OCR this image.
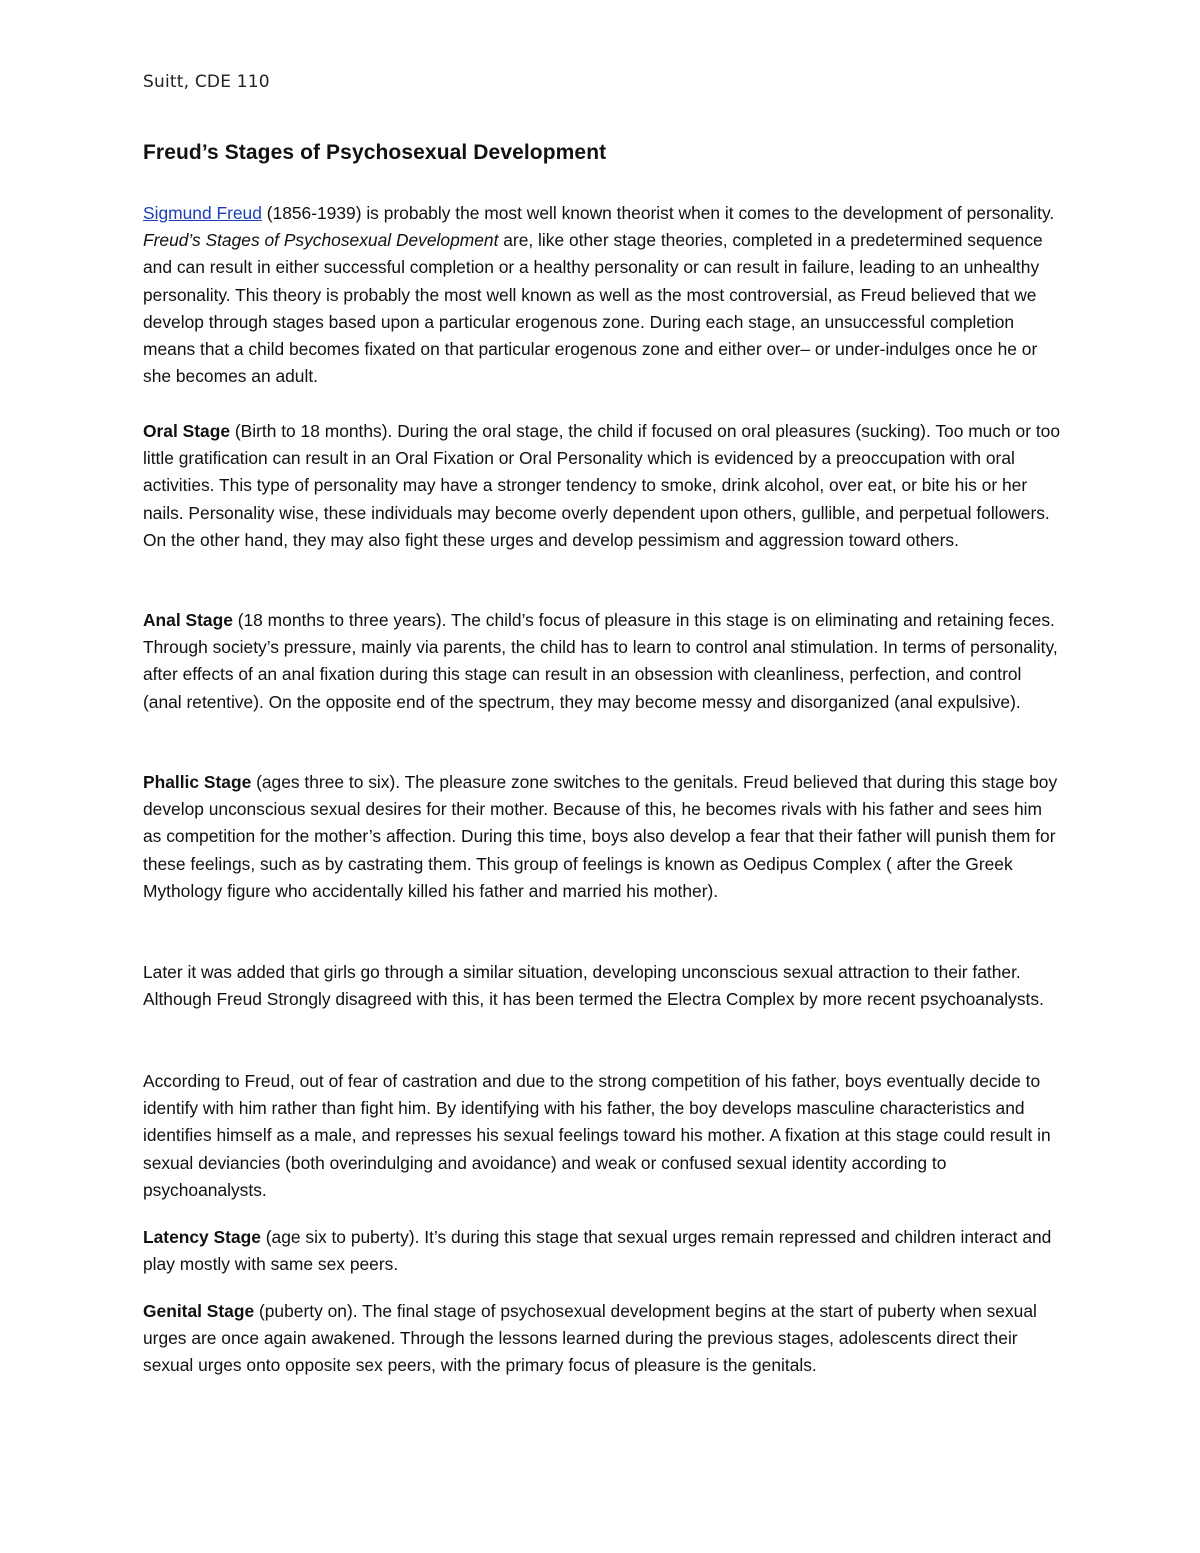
Suitt, CDE 110
Freud’s Stages of Psychosexual Development

Sigmund Freud (1856-1939) is probably the most well known theorist when it comes to the development of personality. Freud’s Stages of Psychosexual Development are, like other stage theories, completed in a predetermined sequence and can result in either successful completion or a healthy personality or can result in failure, leading to an unhealthy personality. This theory is probably the most well known as well as the most controversial, as Freud believed that we develop through stages based upon a particular erogenous zone. During each stage, an unsuccessful completion means that a child becomes fixated on that particular erogenous zone and either over– or under-indulges once he or she becomes an adult.

Oral Stage (Birth to 18 months). During the oral stage, the child if focused on oral pleasures (sucking). Too much or too little gratification can result in an Oral Fixation or Oral Personality which is evidenced by a preoccupation with oral activities. This type of personality may have a stronger tendency to smoke, drink alcohol, over eat, or bite his or her nails. Personality wise, these individuals may become overly dependent upon others, gullible, and perpetual followers. On the other hand, they may also fight these urges and develop pessimism and aggression toward others.

Anal Stage (18 months to three years). The child’s focus of pleasure in this stage is on eliminating and retaining feces. Through society’s pressure, mainly via parents, the child has to learn to control anal stimulation. In terms of personality, after effects of an anal fixation during this stage can result in an obsession with cleanliness, perfection, and control (anal retentive). On the opposite end of the spectrum, they may become messy and disorganized (anal expulsive).

Phallic Stage (ages three to six). The pleasure zone switches to the genitals. Freud believed that during this stage boy develop unconscious sexual desires for their mother. Because of this, he becomes rivals with his father and sees him as competition for the mother’s affection. During this time, boys also develop a fear that their father will punish them for these feelings, such as by castrating them. This group of feelings is known as Oedipus Complex ( after the Greek Mythology figure who accidentally killed his father and married his mother).

Later it was added that girls go through a similar situation, developing unconscious sexual attraction to their father. Although Freud Strongly disagreed with this, it has been termed the Electra Complex by more recent psychoanalysts.

According to Freud, out of fear of castration and due to the strong competition of his father, boys eventually decide to identify with him rather than fight him. By identifying with his father, the boy develops masculine characteristics and identifies himself as a male, and represses his sexual feelings toward his mother. A fixation at this stage could result in sexual deviancies (both overindulging and avoidance) and weak or confused sexual identity according to psychoanalysts.

Latency Stage (age six to puberty). It’s during this stage that sexual urges remain repressed and children interact and play mostly with same sex peers.

Genital Stage (puberty on). The final stage of psychosexual development begins at the start of puberty when sexual urges are once again awakened. Through the lessons learned during the previous stages, adolescents direct their sexual urges onto opposite sex peers, with the primary focus of pleasure is the genitals.
